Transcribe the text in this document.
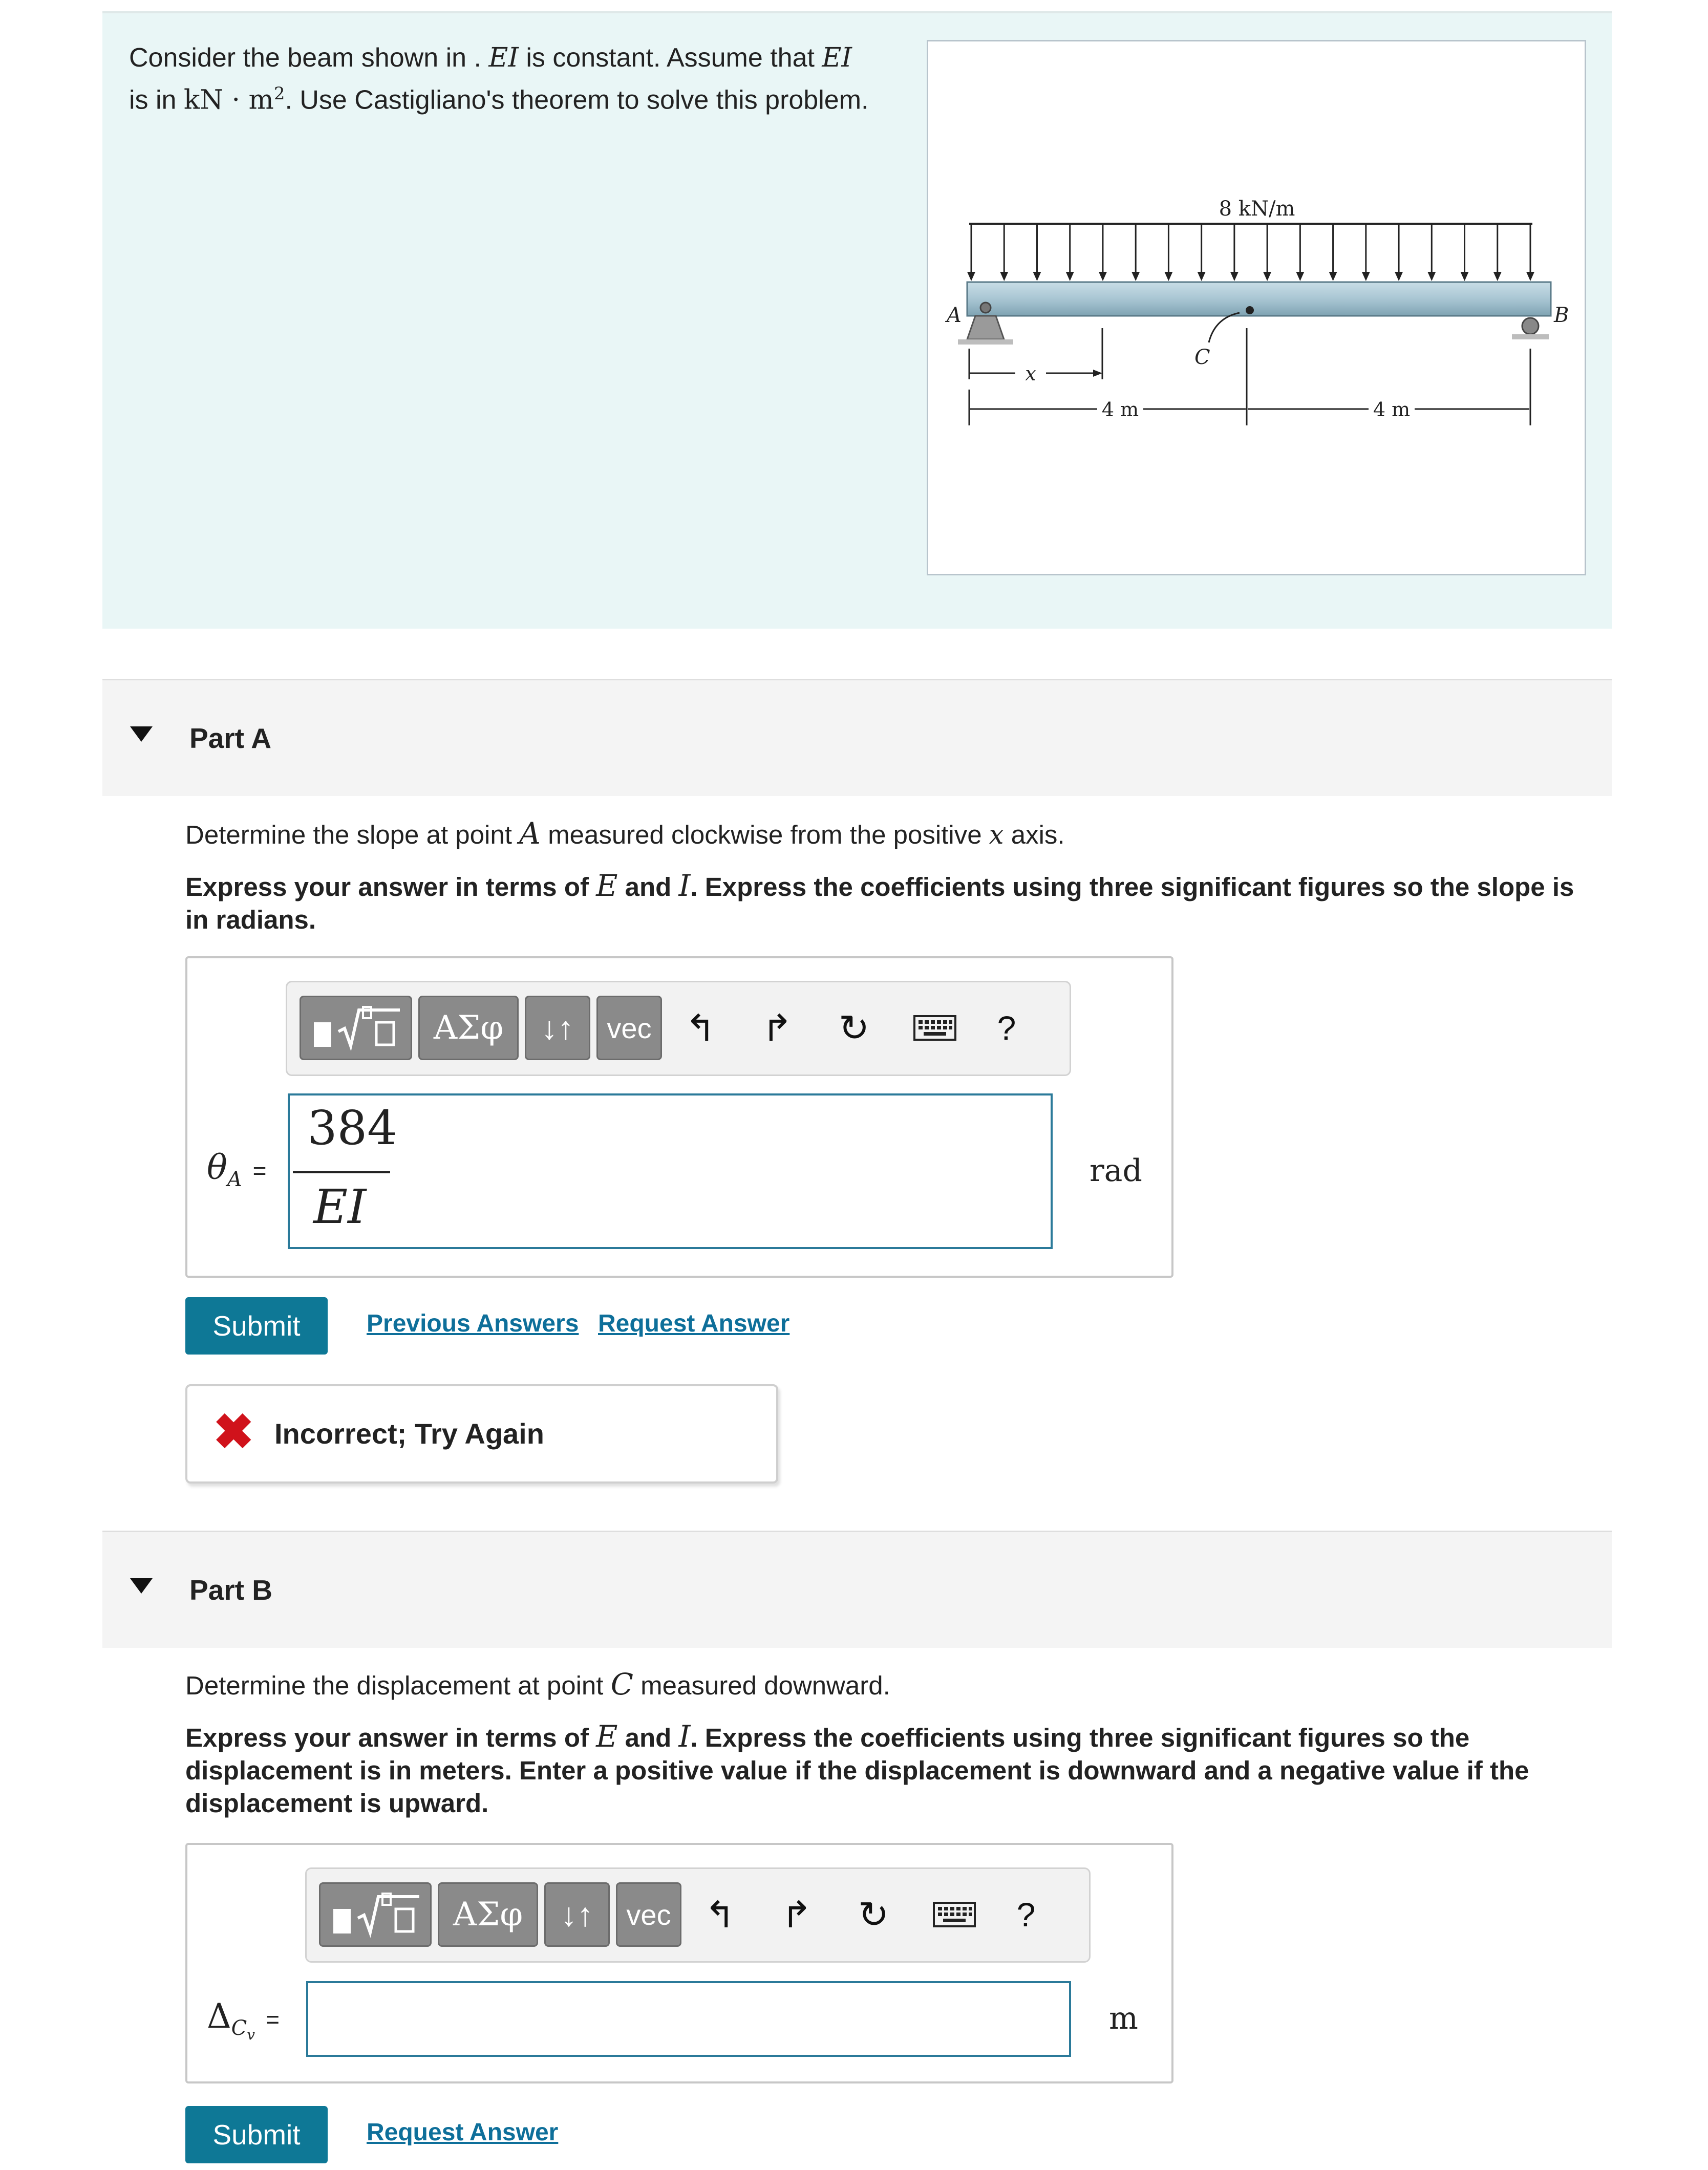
Consider the beam shown in . EI is constant. Assume that EI
is in kN · $m^2$. Use Castigliano's theorem to solve this problem.
8 kN/m
A	B
C
x
4 m	4 m
Part A
Determine the slope at point A measured clockwise from the positive x axis.
Express your answer in terms of E and I. Express the coefficients using three significant figures so the slope is
in radians.
ΑΣφ	↓↑	vec ↰	↱	↻	?
$\theta_A$ =
384
EI
rad
Submit	Previous Answers Request Answer
✖ Incorrect; Try Again
Part B
Determine the displacement at point C measured downward.
Express your answer in terms of E and I. Express the coefficients using three significant figures so the
displacement is in meters. Enter a positive value if the displacement is downward and a negative value if the
displacement is upward.
ΑΣφ	↓↑	vec ↰	↱	↻	?
$\Delta_{C_v}$ =	m
Submit	Request Answer
